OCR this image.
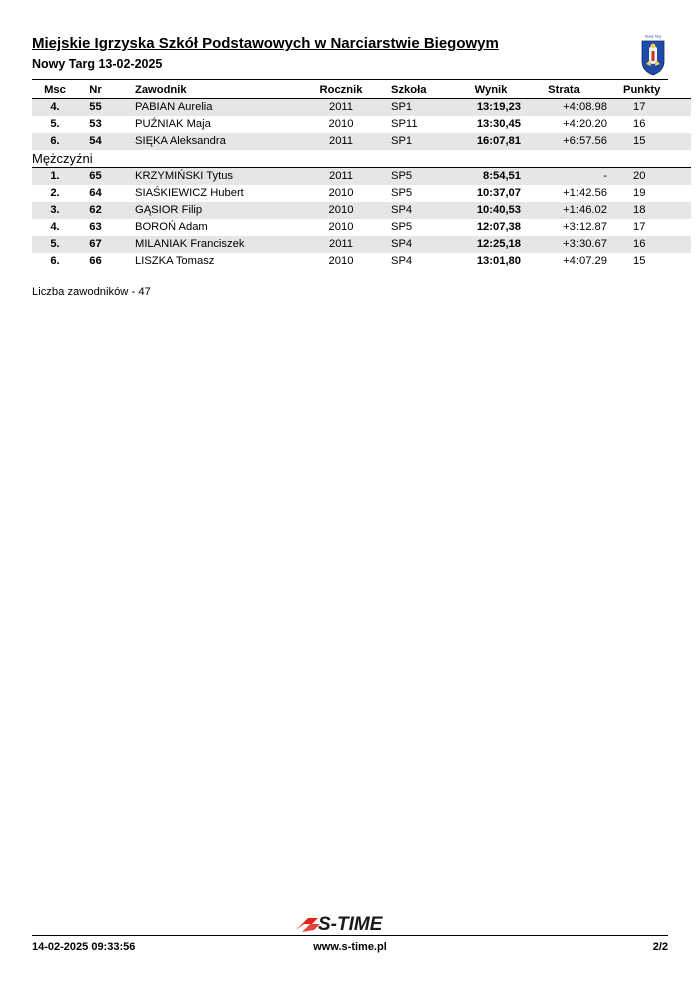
Miejskie Igrzyska Szkół Podstawowych w Narciarstwie Biegowym
Nowy Targ 13-02-2025
Nowy Targ
Msc	Nr	Zawodnik	Rocznik	Szkoła	Wynik	Strata	Punkty
4.	55	PABIAN Aurelia	2011	SP1	13:19,23	+4:08.98	17
5.	53	PUŹNIAK Maja	2010	SP11	13:30,45	+4:20.20	16
6.	54	SIĘKA Aleksandra	2011	SP1	16:07,81	+6:57.56	15
Mężczyźni							
1.	65	KRZYMIŃSKI Tytus	2011	SP5	8:54,51	-	20
2.	64	SIAŚKIEWICZ Hubert	2010	SP5	10:37,07	+1:42.56	19
3.	62	GĄSIOR Filip	2010	SP4	10:40,53	+1:46.02	18
4.	63	BOROŃ Adam	2010	SP5	12:07,38	+3:12.87	17
5.	67	MILANIAK Franciszek	2011	SP4	12:25,18	+3:30.67	16
6.	66	LISZKA Tomasz	2010	SP4	13:01,80	+4:07.29	15
Liczba zawodników - 47
S-TIME
14-02-2025 09:33:56	www.s-time.pl	2/2
